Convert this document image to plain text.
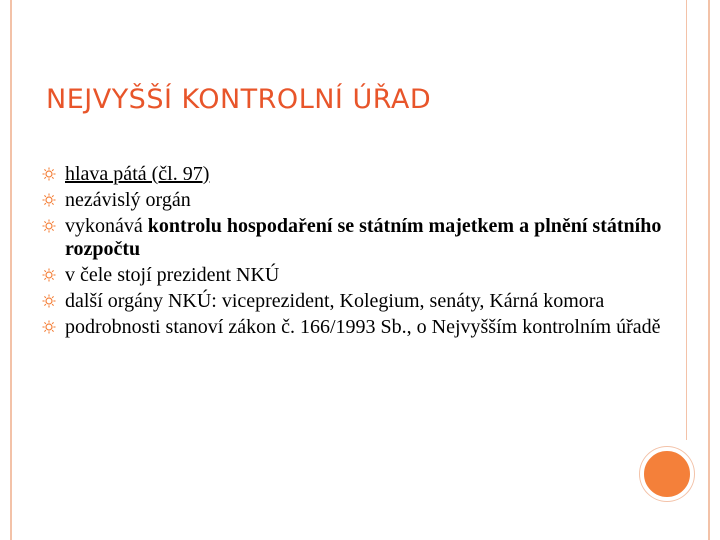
NEJVYŠŠÍ KONTROLNÍ ÚŘAD
hlava pátá (čl. 97)
nezávislý orgán
vykonává kontrolu hospodaření se státním majetkem a plnění státního rozpočtu
v čele stojí prezident NKÚ
další orgány NKÚ: viceprezident, Kolegium, senáty, Kárná komora
podrobnosti stanoví zákon č. 166/1993 Sb., o Nejvyšším kontrolním úřadě
